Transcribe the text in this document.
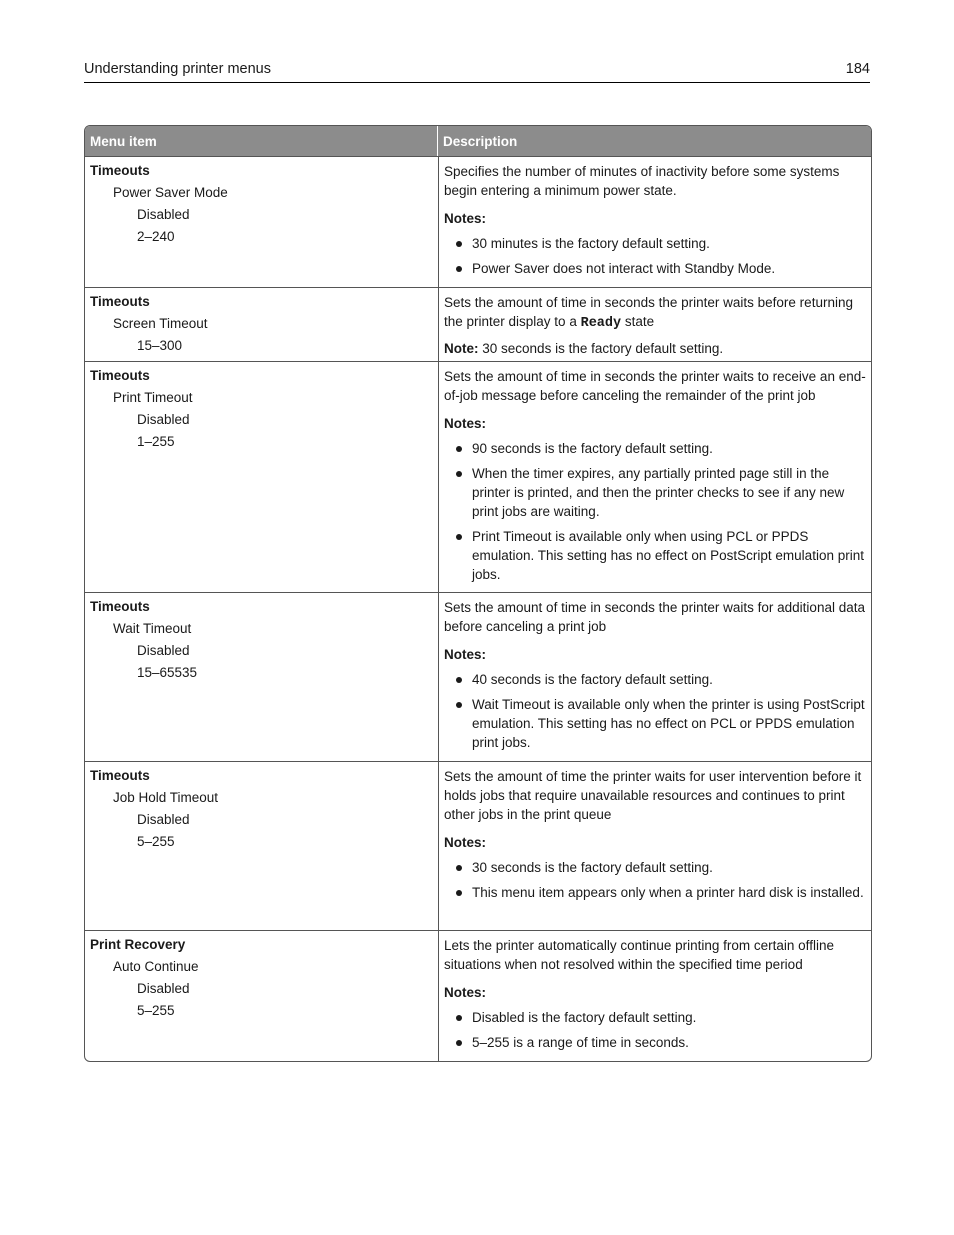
Understanding printer menus	184
Menu item	Description
Timeouts
Power Saver Mode
Disabled
2–240

Specifies the number of minutes of inactivity before some systems begin entering a minimum power state.

Notes:
30 minutes is the factory default setting.
Power Saver does not interact with Standby Mode.
Timeouts
Screen Timeout
15–300

Sets the amount of time in seconds the printer waits before returning the printer display to a Ready state

Note: 30 seconds is the factory default setting.
Timeouts
Print Timeout
Disabled
1–255

Sets the amount of time in seconds the printer waits to receive an end-of-job message before canceling the remainder of the print job

Notes:
90 seconds is the factory default setting.
When the timer expires, any partially printed page still in the printer is printed, and then the printer checks to see if any new print jobs are waiting.
Print Timeout is available only when using PCL or PPDS emulation. This setting has no effect on PostScript emulation print jobs.
Timeouts
Wait Timeout
Disabled
15–65535

Sets the amount of time in seconds the printer waits for additional data before canceling a print job

Notes:
40 seconds is the factory default setting.
Wait Timeout is available only when the printer is using PostScript emulation. This setting has no effect on PCL or PPDS emulation print jobs.
Timeouts
Job Hold Timeout
Disabled
5–255

Sets the amount of time the printer waits for user intervention before it holds jobs that require unavailable resources and continues to print other jobs in the print queue

Notes:
30 seconds is the factory default setting.
This menu item appears only when a printer hard disk is installed.
Print Recovery
Auto Continue
Disabled
5–255

Lets the printer automatically continue printing from certain offline situations when not resolved within the specified time period

Notes:
Disabled is the factory default setting.
5–255 is a range of time in seconds.
